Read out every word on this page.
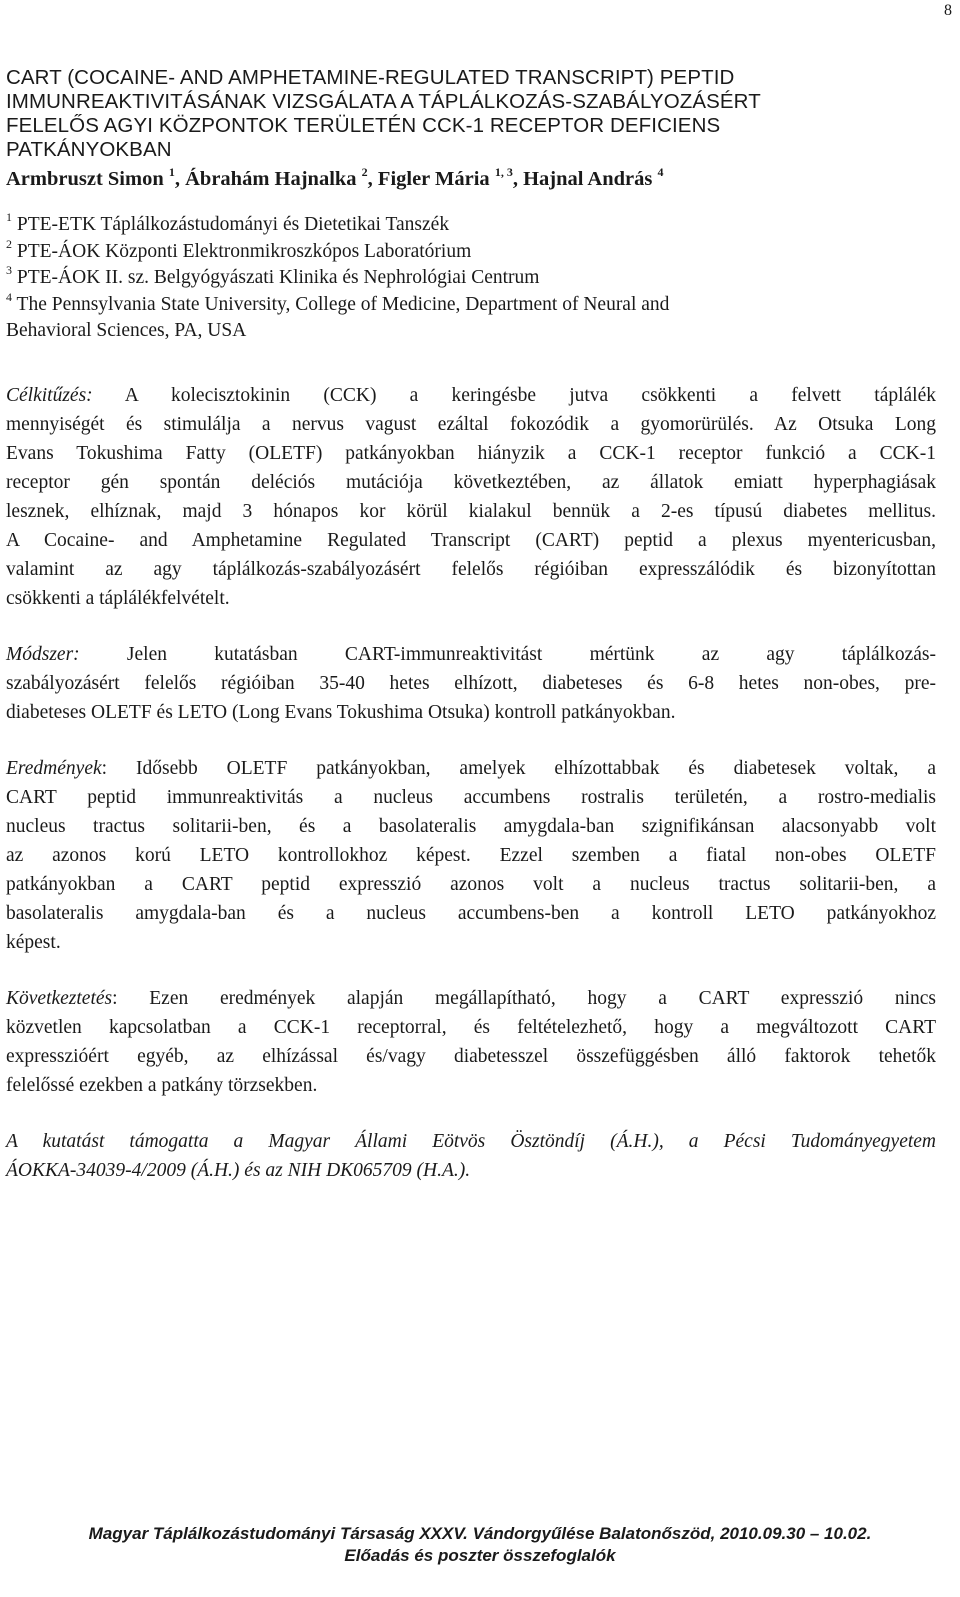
8
CART (COCAINE- AND AMPHETAMINE-REGULATED TRANSCRIPT) PEPTID
IMMUNREAKTIVITÁSÁNAK VIZSGÁLATA A TÁPLÁLKOZÁS-SZABÁLYOZÁSÉRT
FELELŐS AGYI KÖZPONTOK TERÜLETÉN CCK-1 RECEPTOR DEFICIENS
PATKÁNYOKBAN
Armbruszt Simon $^1$, Ábrahám Hajnalka $^2$, Figler Mária $^{1, 3}$, Hajnal András $^4$
$^1$ PTE-ETK Táplálkozástudományi és Dietetikai Tanszék
$^2$ PTE-ÁOK Központi Elektronmikroszkópos Laboratórium
$^3$ PTE-ÁOK II. sz. Belgyógyászati Klinika és Nephrológiai Centrum
$^4$ The Pennsylvania State University, College of Medicine, Department of Neural and
Behavioral Sciences, PA, USA
Célkitűzés: A kolecisztokinin (CCK) a keringésbe jutva csökkenti a felvett táplálék
mennyiségét és stimulálja a nervus vagust ezáltal fokozódik a gyomorürülés. Az Otsuka Long
Evans Tokushima Fatty (OLETF) patkányokban hiányzik a CCK-1 receptor funkció a CCK-1
receptor gén spontán deléciós mutációja következtében, az állatok emiatt hyperphagiásak
lesznek, elhíznak, majd 3 hónapos kor körül kialakul bennük a 2-es típusú diabetes mellitus.
A Cocaine- and Amphetamine Regulated Transcript (CART) peptid a plexus myentericusban,
valamint az agy táplálkozás-szabályozásért felelős régióiban expresszálódik és bizonyítottan
csökkenti a táplálékfelvételt.
Módszer: Jelen kutatásban CART-immunreaktivitást mértünk az agy táplálkozás-
szabályozásért felelős régióiban 35-40 hetes elhízott, diabeteses és 6-8 hetes non-obes, pre-
diabeteses OLETF és LETO (Long Evans Tokushima Otsuka) kontroll patkányokban.
Eredmények: Idősebb OLETF patkányokban, amelyek elhízottabbak és diabetesek voltak, a
CART peptid immunreaktivitás a nucleus accumbens rostralis területén, a rostro-medialis
nucleus tractus solitarii-ben, és a basolateralis amygdala-ban szignifikánsan alacsonyabb volt
az azonos korú LETO kontrollokhoz képest. Ezzel szemben a fiatal non-obes OLETF
patkányokban a CART peptid expresszió azonos volt a nucleus tractus solitarii-ben, a
basolateralis amygdala-ban és a nucleus accumbens-ben a kontroll LETO patkányokhoz
képest.
Következtetés: Ezen eredmények alapján megállapítható, hogy a CART expresszió nincs
közvetlen kapcsolatban a CCK-1 receptorral, és feltételezhető, hogy a megváltozott CART
expresszióért egyéb, az elhízással és/vagy diabetesszel összefüggésben álló faktorok tehetők
felelőssé ezekben a patkány törzsekben.
A kutatást támogatta a Magyar Állami Eötvös Ösztöndíj (Á.H.), a Pécsi Tudományegyetem
ÁOKKA-34039-4/2009 (Á.H.) és az NIH DK065709 (H.A.).
Magyar Táplálkozástudományi Társaság XXXV. Vándorgyűlése Balatonőszöd, 2010.09.30 – 10.02.
Előadás és poszter összefoglalók
